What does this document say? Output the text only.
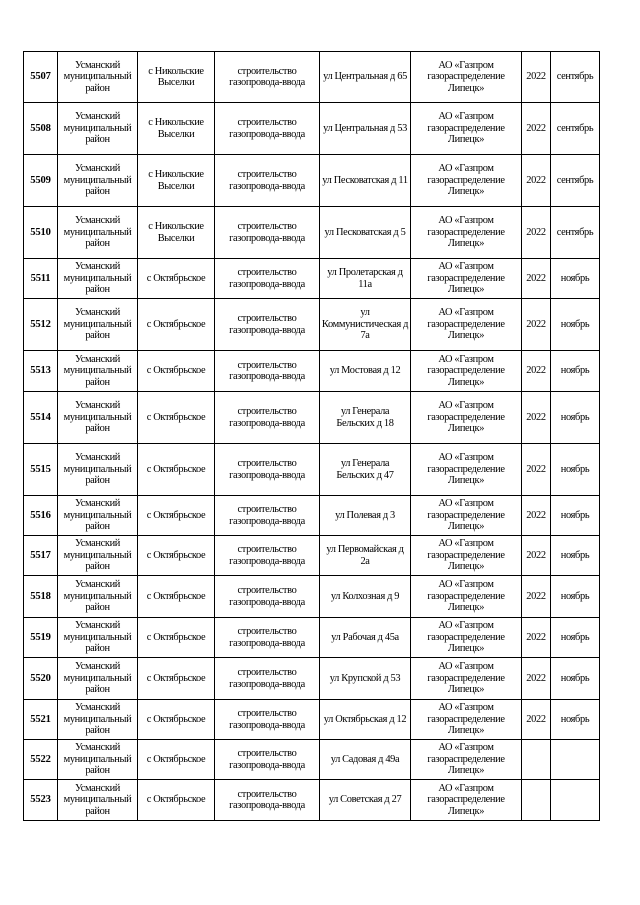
5507	Усманский муниципальный район	с Никольские Выселки	строительство газопровода-ввода	ул Центральная д 65	АО «Газпром газораспределение Липецк»	2022	сентябрь
5508	Усманский муниципальный район	с Никольские Выселки	строительство газопровода-ввода	ул Центральная д 53	АО «Газпром газораспределение Липецк»	2022	сентябрь
5509	Усманский муниципальный район	с Никольские Выселки	строительство газопровода-ввода	ул Песковатская д 11	АО «Газпром газораспределение Липецк»	2022	сентябрь
5510	Усманский муниципальный район	с Никольские Выселки	строительство газопровода-ввода	ул Песковатская д 5	АО «Газпром газораспределение Липецк»	2022	сентябрь
5511	Усманский муниципальный район	с Октябрьское	строительство газопровода-ввода	ул Пролетарская д 11а	АО «Газпром газораспределение Липецк»	2022	ноябрь
5512	Усманский муниципальный район	с Октябрьское	строительство газопровода-ввода	ул Коммунистическая д 7а	АО «Газпром газораспределение Липецк»	2022	ноябрь
5513	Усманский муниципальный район	с Октябрьское	строительство газопровода-ввода	ул Мостовая д 12	АО «Газпром газораспределение Липецк»	2022	ноябрь
5514	Усманский муниципальный район	с Октябрьское	строительство газопровода-ввода	ул Генерала Бельских д 18	АО «Газпром газораспределение Липецк»	2022	ноябрь
5515	Усманский муниципальный район	с Октябрьское	строительство газопровода-ввода	ул Генерала Бельских д 47	АО «Газпром газораспределение Липецк»	2022	ноябрь
5516	Усманский муниципальный район	с Октябрьское	строительство газопровода-ввода	ул Полевая д 3	АО «Газпром газораспределение Липецк»	2022	ноябрь
5517	Усманский муниципальный район	с Октябрьское	строительство газопровода-ввода	ул Первомайская д 2а	АО «Газпром газораспределение Липецк»	2022	ноябрь
5518	Усманский муниципальный район	с Октябрьское	строительство газопровода-ввода	ул Колхозная д 9	АО «Газпром газораспределение Липецк»	2022	ноябрь
5519	Усманский муниципальный район	с Октябрьское	строительство газопровода-ввода	ул Рабочая д 45а	АО «Газпром газораспределение Липецк»	2022	ноябрь
5520	Усманский муниципальный район	с Октябрьское	строительство газопровода-ввода	ул Крупской д 53	АО «Газпром газораспределение Липецк»	2022	ноябрь
5521	Усманский муниципальный район	с Октябрьское	строительство газопровода-ввода	ул Октябрьская д 12	АО «Газпром газораспределение Липецк»	2022	ноябрь
5522	Усманский муниципальный район	с Октябрьское	строительство газопровода-ввода	ул Садовая д 49а	АО «Газпром газораспределение Липецк»		
5523	Усманский муниципальный район	с Октябрьское	строительство газопровода-ввода	ул Советская д 27	АО «Газпром газораспределение Липецк»		
